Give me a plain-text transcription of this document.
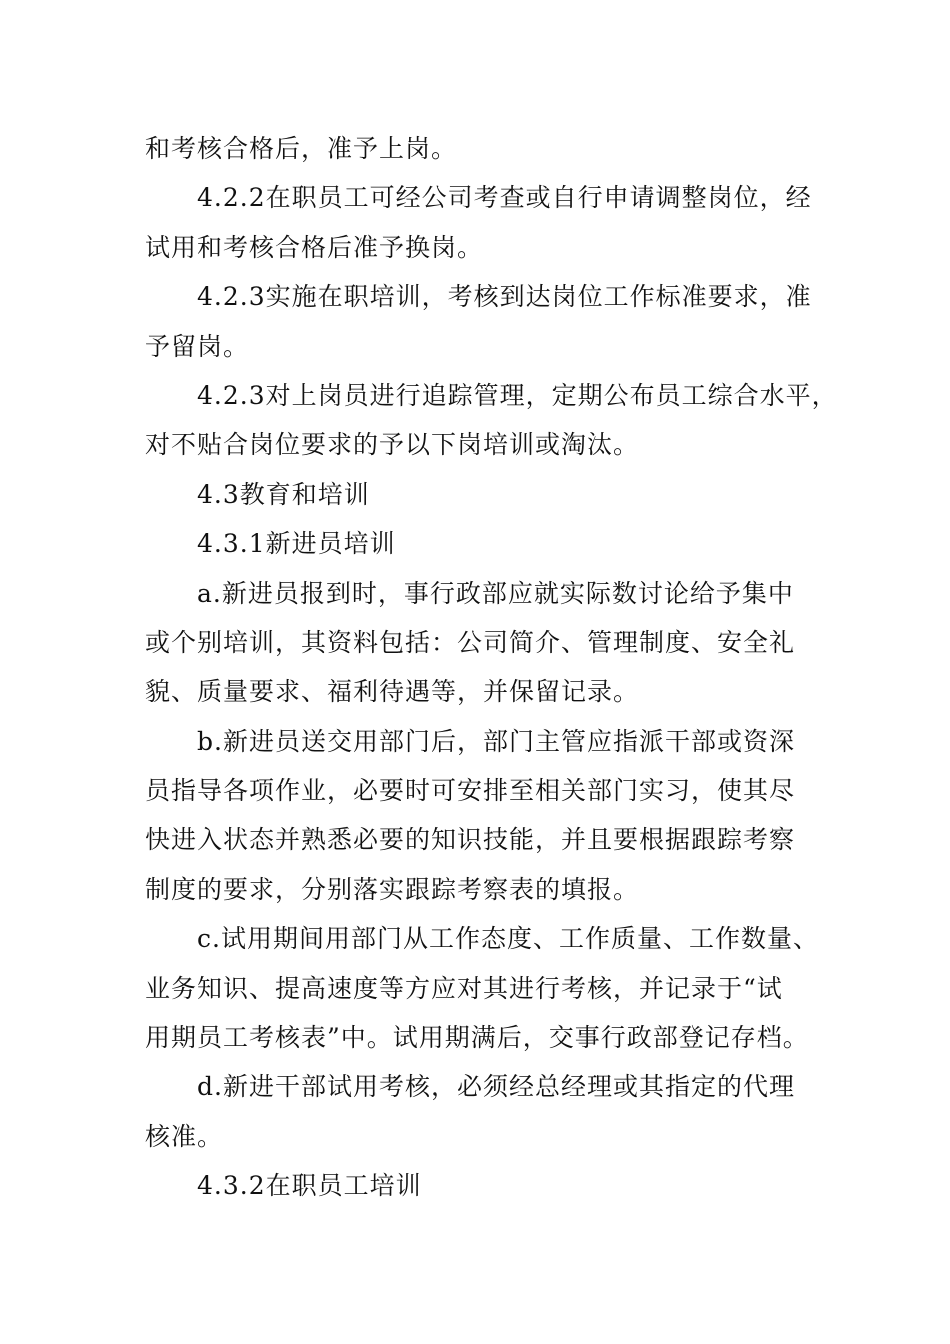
和考核合格后，准予上岗。
4.2.2在职员工可经公司考查或自行申请调整岗位，经
试用和考核合格后准予换岗。
4.2.3实施在职培训，考核到达岗位工作标准要求，准
予留岗。
4.2.3对上岗员进行追踪管理，定期公布员工综合水平，
对不贴合岗位要求的予以下岗培训或淘汰。
4.3教育和培训
4.3.1新进员培训
a.新进员报到时，事行政部应就实际数讨论给予集中
或个别培训，其资料包括：公司简介、管理制度、安全礼
貌、质量要求、福利待遇等，并保留记录。
b.新进员送交用部门后，部门主管应指派干部或资深
员指导各项作业，必要时可安排至相关部门实习，使其尽
快进入状态并熟悉必要的知识技能，并且要根据跟踪考察
制度的要求，分别落实跟踪考察表的填报。
c.试用期间用部门从工作态度、工作质量、工作数量、
业务知识、提高速度等方应对其进行考核，并记录于“试
用期员工考核表”中。试用期满后，交事行政部登记存档。
d.新进干部试用考核，必须经总经理或其指定的代理
核准。
4.3.2在职员工培训
